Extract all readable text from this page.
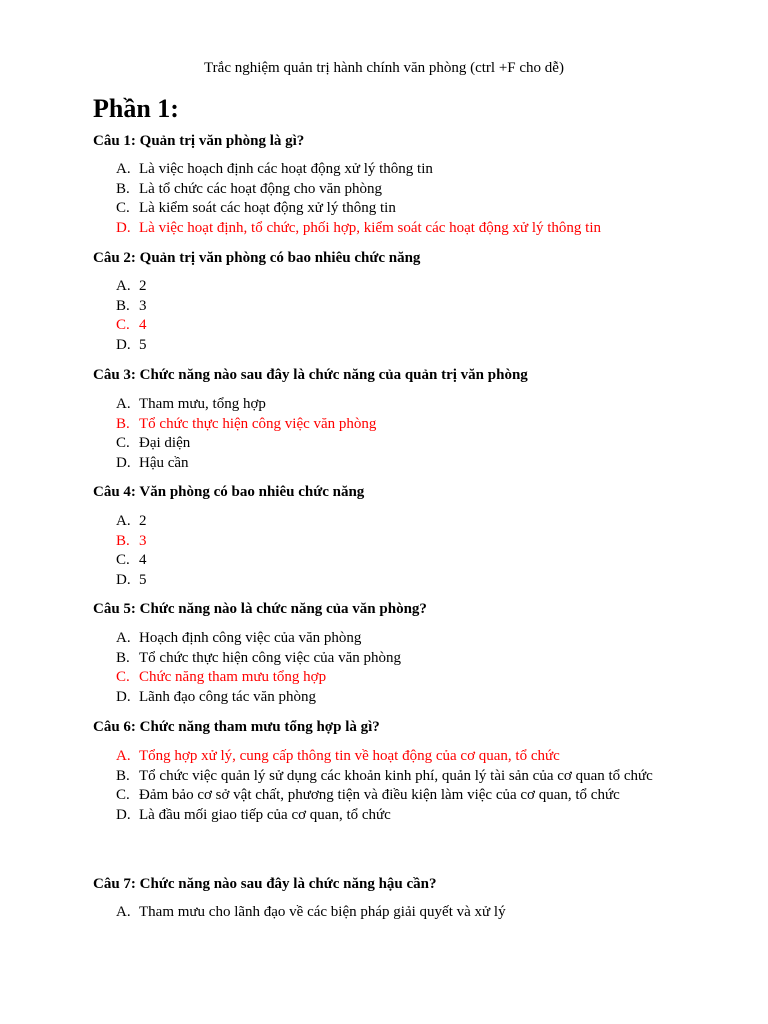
Trắc nghiệm quản trị hành chính văn phòng (ctrl +F cho dễ)
Phần 1:
Câu 1: Quản trị văn phòng là gì?
A. Là việc hoạch định các hoạt động xử lý thông tin
B. Là tổ chức các hoạt động cho văn phòng
C. Là kiểm soát các hoạt động xử lý thông tin
D. Là việc hoạt định, tổ chức, phối hợp, kiểm soát các hoạt động xử lý thông tin
Câu 2: Quản trị văn phòng có bao nhiêu chức năng
A. 2
B. 3
C. 4
D. 5
Câu 3: Chức năng nào sau đây là chức năng của quản trị văn phòng
A. Tham mưu, tổng hợp
B. Tổ chức thực hiện công việc văn phòng
C. Đại diện
D. Hậu cần
Câu 4: Văn phòng có bao nhiêu chức năng
A. 2
B. 3
C. 4
D. 5
Câu 5: Chức năng nào là chức năng của văn phòng?
A. Hoạch định công việc của văn phòng
B. Tổ chức thực hiện công việc của văn phòng
C. Chức năng tham mưu tổng hợp
D. Lãnh đạo công tác văn phòng
Câu 6: Chức năng tham mưu tổng hợp là gì?
A. Tổng hợp xử lý, cung cấp thông tin về hoạt động của cơ quan, tổ chức
B. Tổ chức việc quản lý sử dụng các khoản kinh phí, quản lý tài sản của cơ quan tổ chức
C. Đảm bảo cơ sở vật chất, phương tiện và điều kiện làm việc của cơ quan, tổ chức
D. Là đầu mối giao tiếp của cơ quan, tổ chức
Câu 7: Chức năng nào sau đây là chức năng hậu cần?
A. Tham mưu cho lãnh đạo về các biện pháp giải quyết và xử lý
